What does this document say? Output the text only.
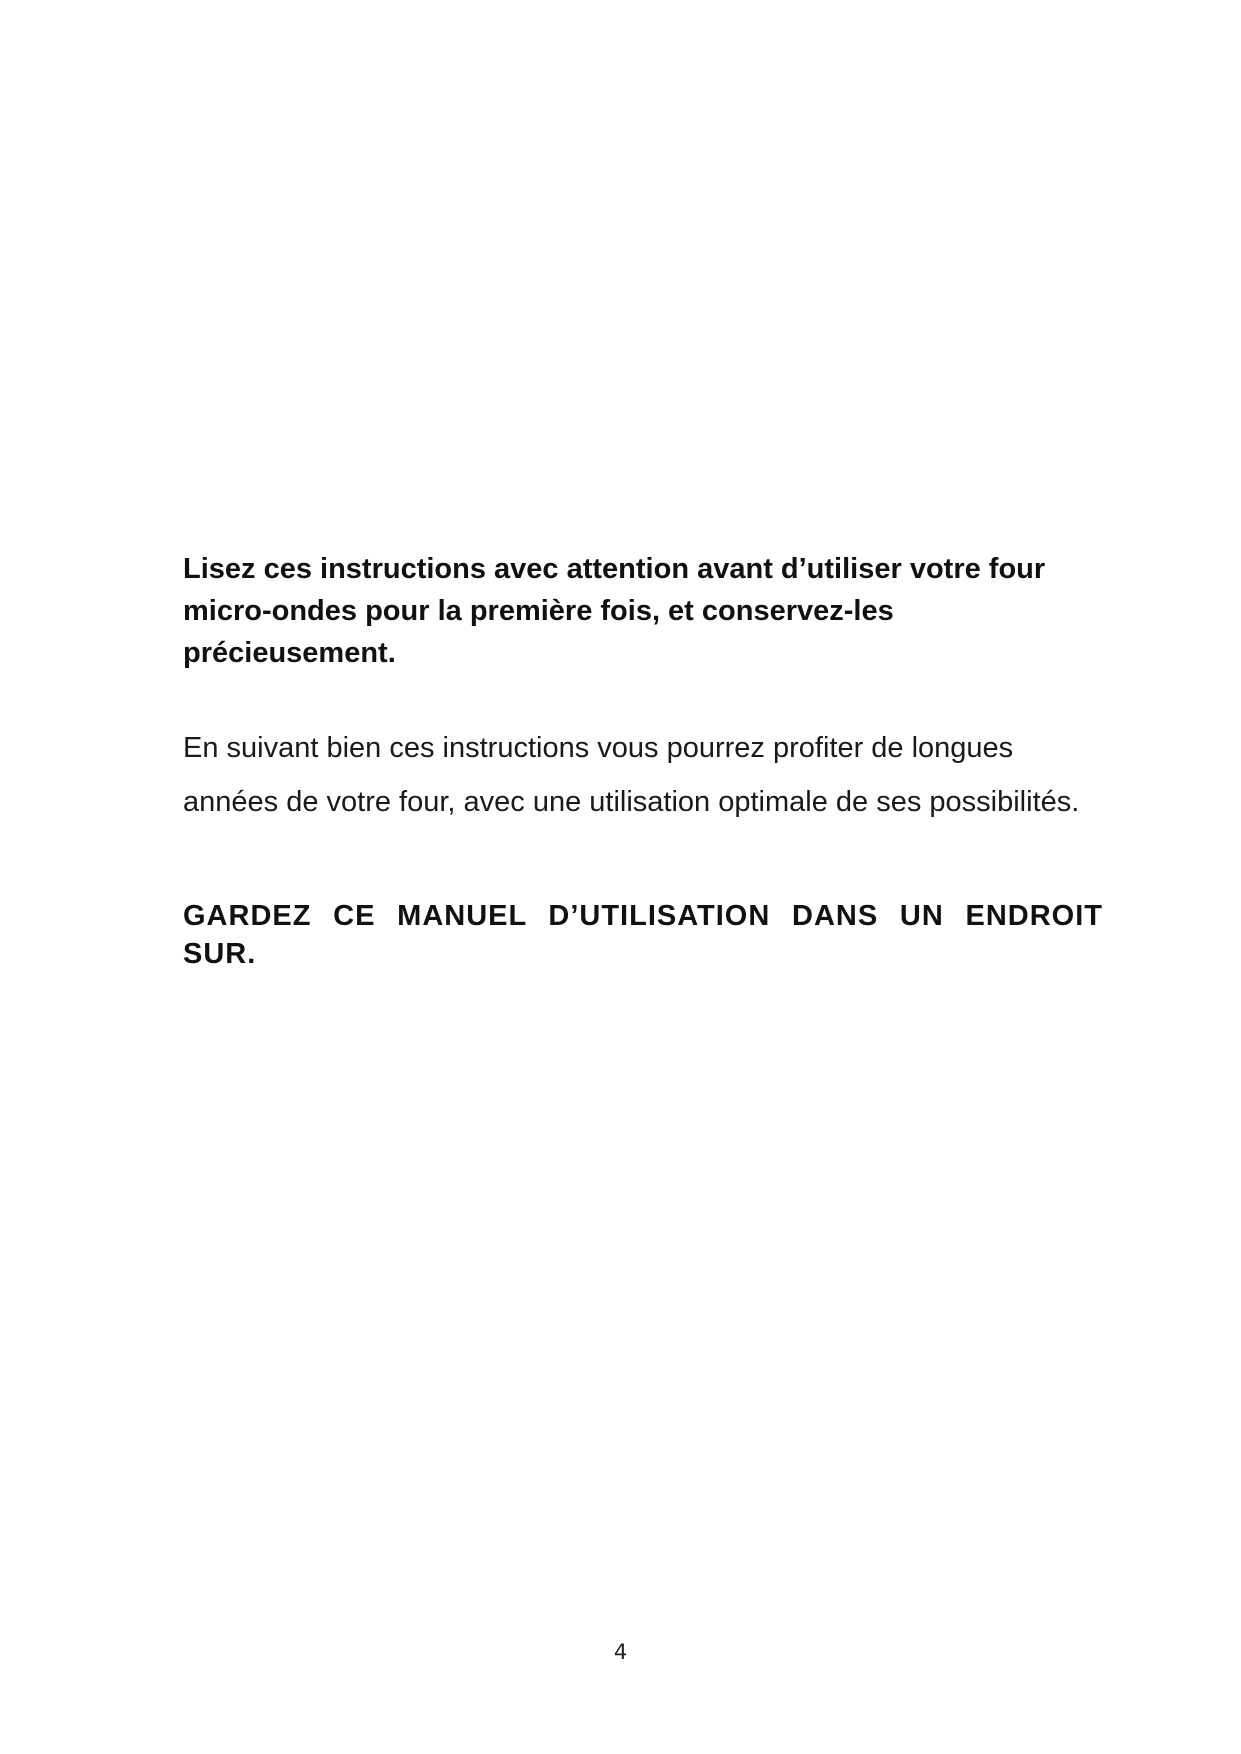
Lisez ces instructions avec attention avant d’utiliser votre four micro-ondes pour la première fois, et conservez-les précieusement.

En suivant bien ces instructions vous pourrez profiter de longues années de votre four, avec une utilisation optimale de ses possibilités.

GARDEZ CE MANUEL D’UTILISATION DANS UN ENDROIT SUR.

4
